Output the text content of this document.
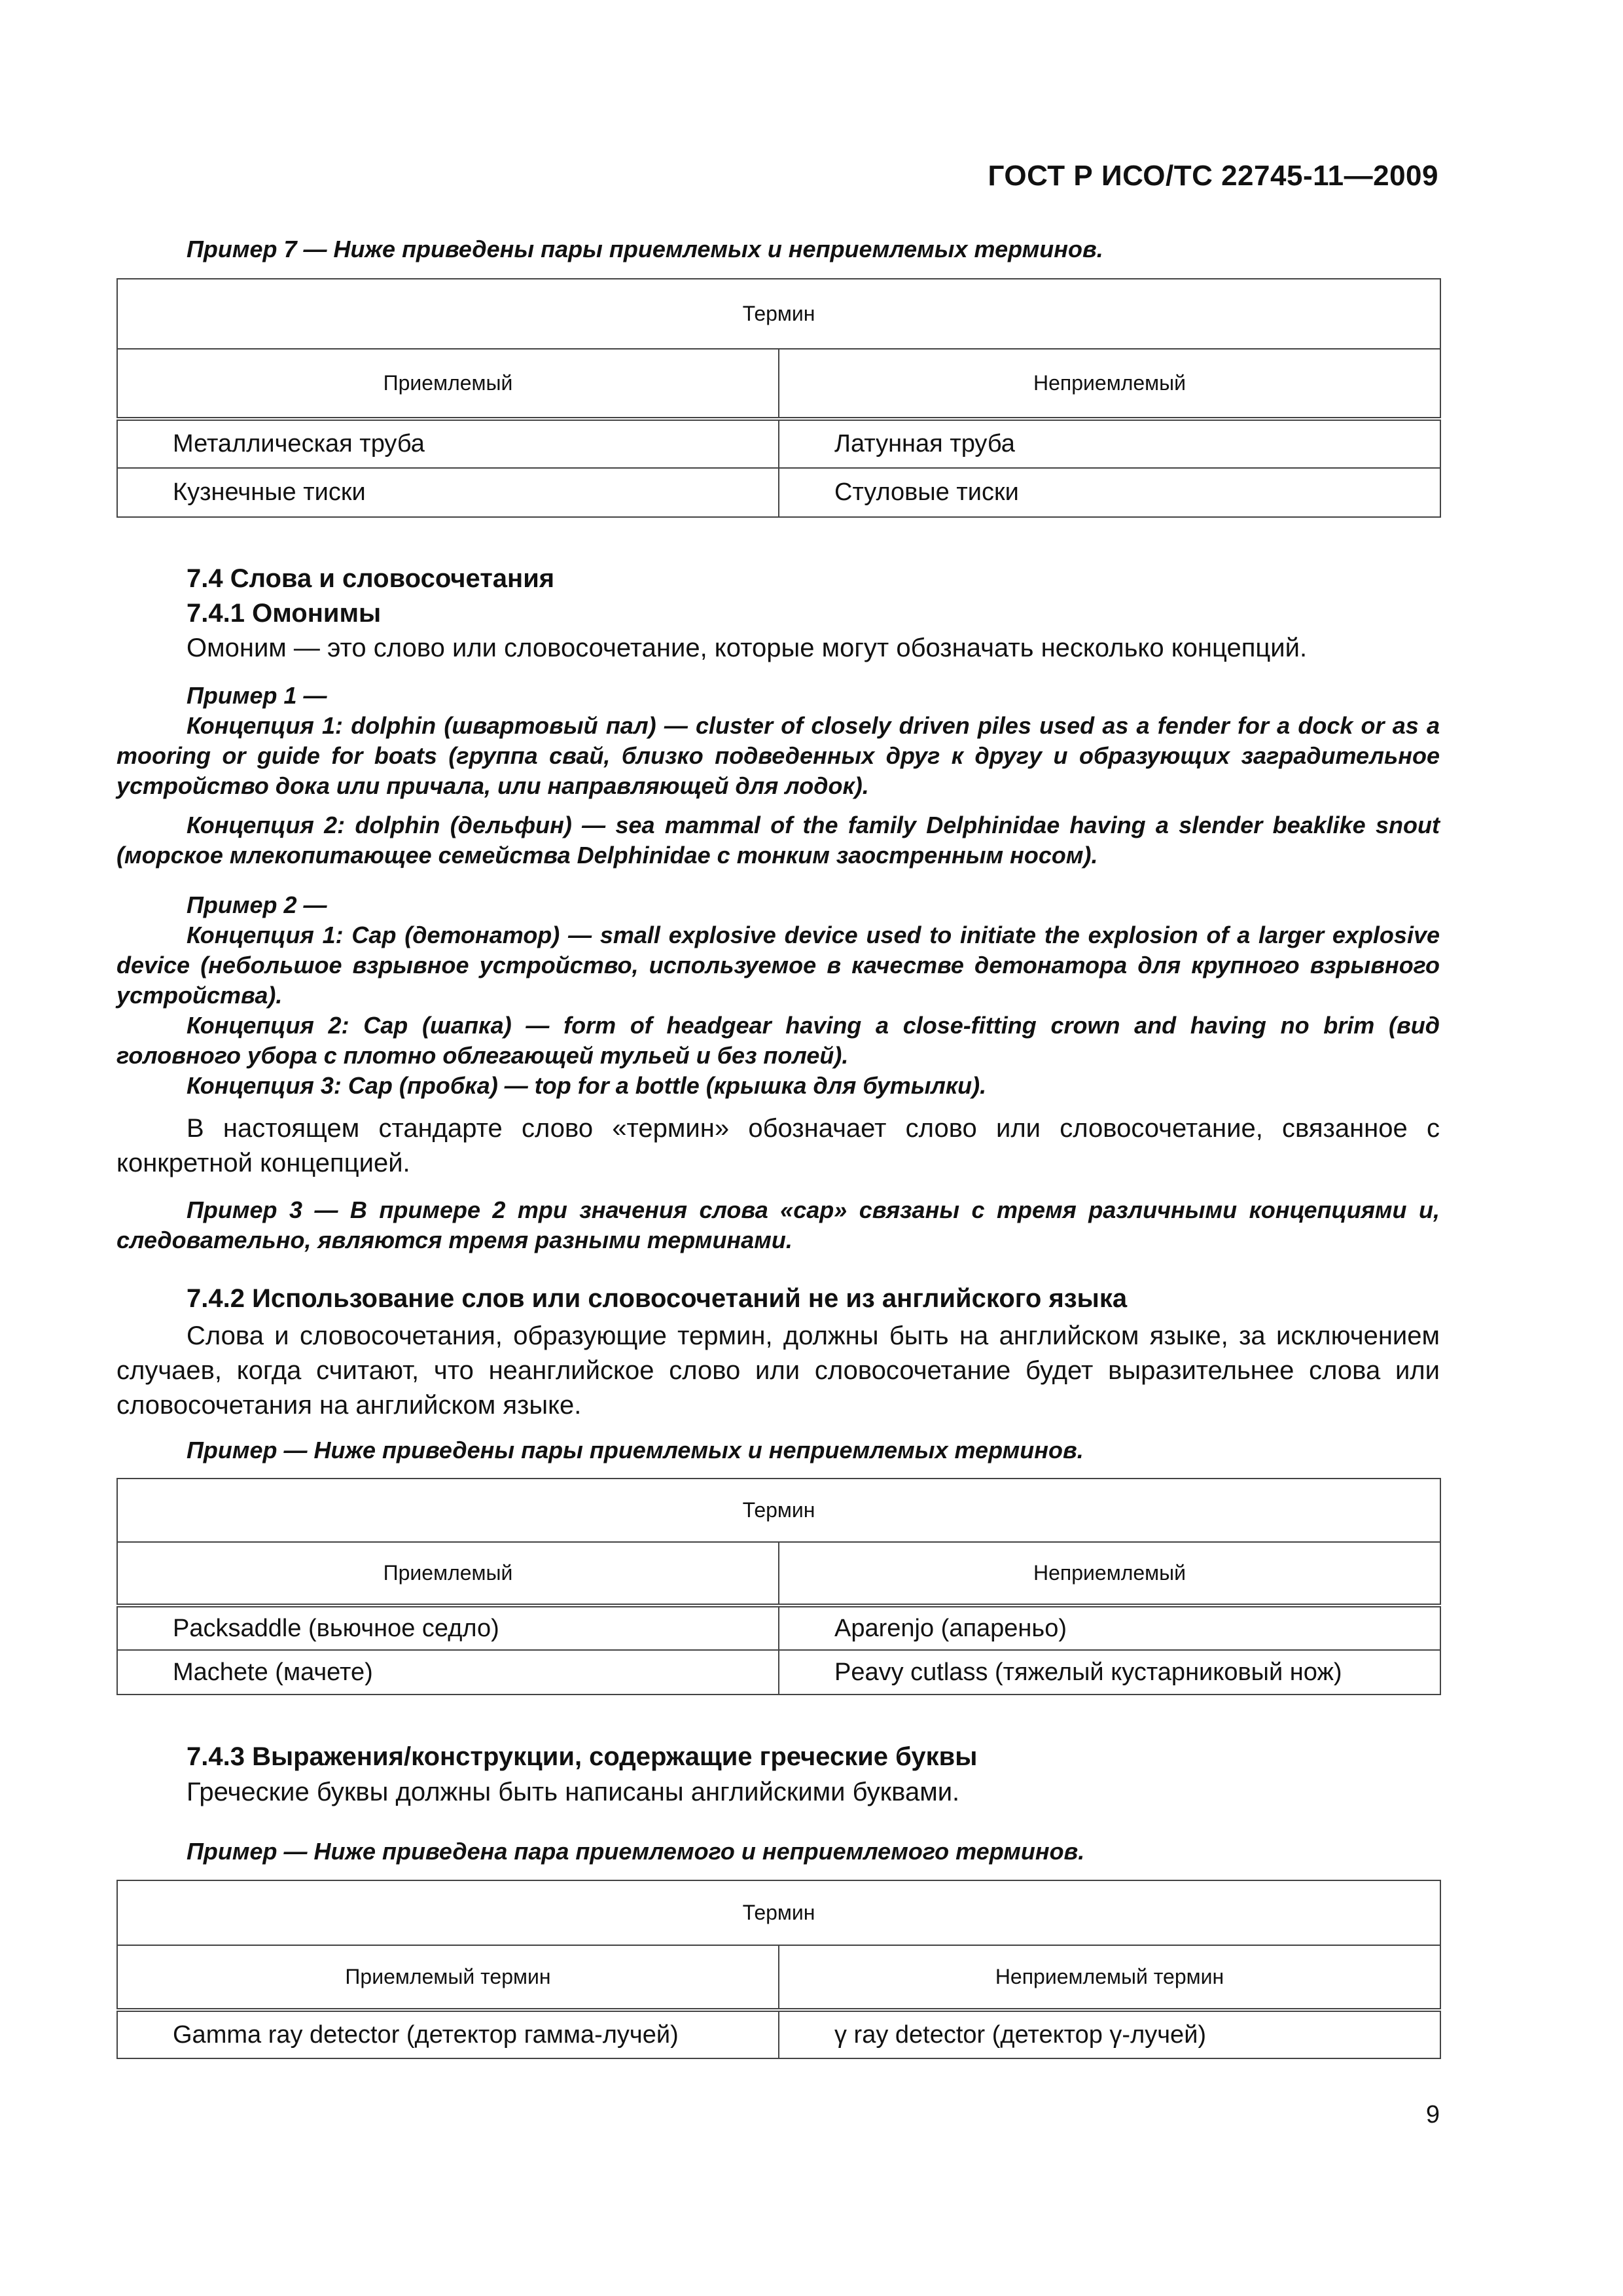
ГОСТ Р ИСО/ТС 22745-11—2009
Пример 7 — Ниже приведены пары приемлемых и неприемлемых терминов.
Термин	
Приемлемый	Неприемлемый
Металлическая труба	Латунная труба
Кузнечные тиски	Стуловые тиски
7.4 Слова и словосочетания
7.4.1 Омонимы
Омоним — это слово или словосочетание, которые могут обозначать несколько концепций.

Пример 1 —

Концепция 1: dolphin (швартовый пал) — cluster of closely driven piles used as a fender for a dock or as a mooring or guide for boats (группа свай, близко подведенных друг к другу и образующих заградительное устройство дока или причала, или направляющей для лодок).

Концепция 2: dolphin (дельфин) — sea mammal of the family Delphinidae having a slender beaklike snout (морское млекопитающее семейства Delphinidae с тонким заостренным носом).

Пример 2 —

Концепция 1: Cap (детонатор) — small explosive device used to initiate the explosion of a larger explosive device (небольшое взрывное устройство, используемое в качестве детонатора для крупного взрывного устройства).

Концепция 2: Cap (шапка) — form of headgear having a close-fitting crown and having no brim (вид головного убора с плотно облегающей тульей и без полей).

Концепция 3: Cap (пробка) — top for a bottle (крышка для бутылки).

В настоящем стандарте слово «термин» обозначает слово или словосочетание, связанное с конкретной концепцией.

Пример 3 — В примере 2 три значения слова «cap» связаны с тремя различными концепциями и, следовательно, являются тремя разными терминами.

7.4.2 Использование слов или словосочетаний не из английского языка

Слова и словосочетания, образующие термин, должны быть на английском языке, за исключением случаев, когда считают, что неанглийское слово или словосочетание будет выразительнее слова или словосочетания на английском языке.

Пример — Ниже приведены пары приемлемых и неприемлемых терминов.
Термин	
Приемлемый	Неприемлемый
Packsaddle (вьючное седло)	Aparenjo (апареньо)
Machete (мачете)	Peavy cutlass (тяжелый кустарниковый нож)
7.4.3 Выражения/конструкции, содержащие греческие буквы
Греческие буквы должны быть написаны английскими буквами.
Пример — Ниже приведена пара приемлемого и неприемлемого терминов.
Термин	
Приемлемый термин	Неприемлемый термин
Gamma ray detector (детектор гамма-лучей)	γ ray detector (детектор γ-лучей)
9
